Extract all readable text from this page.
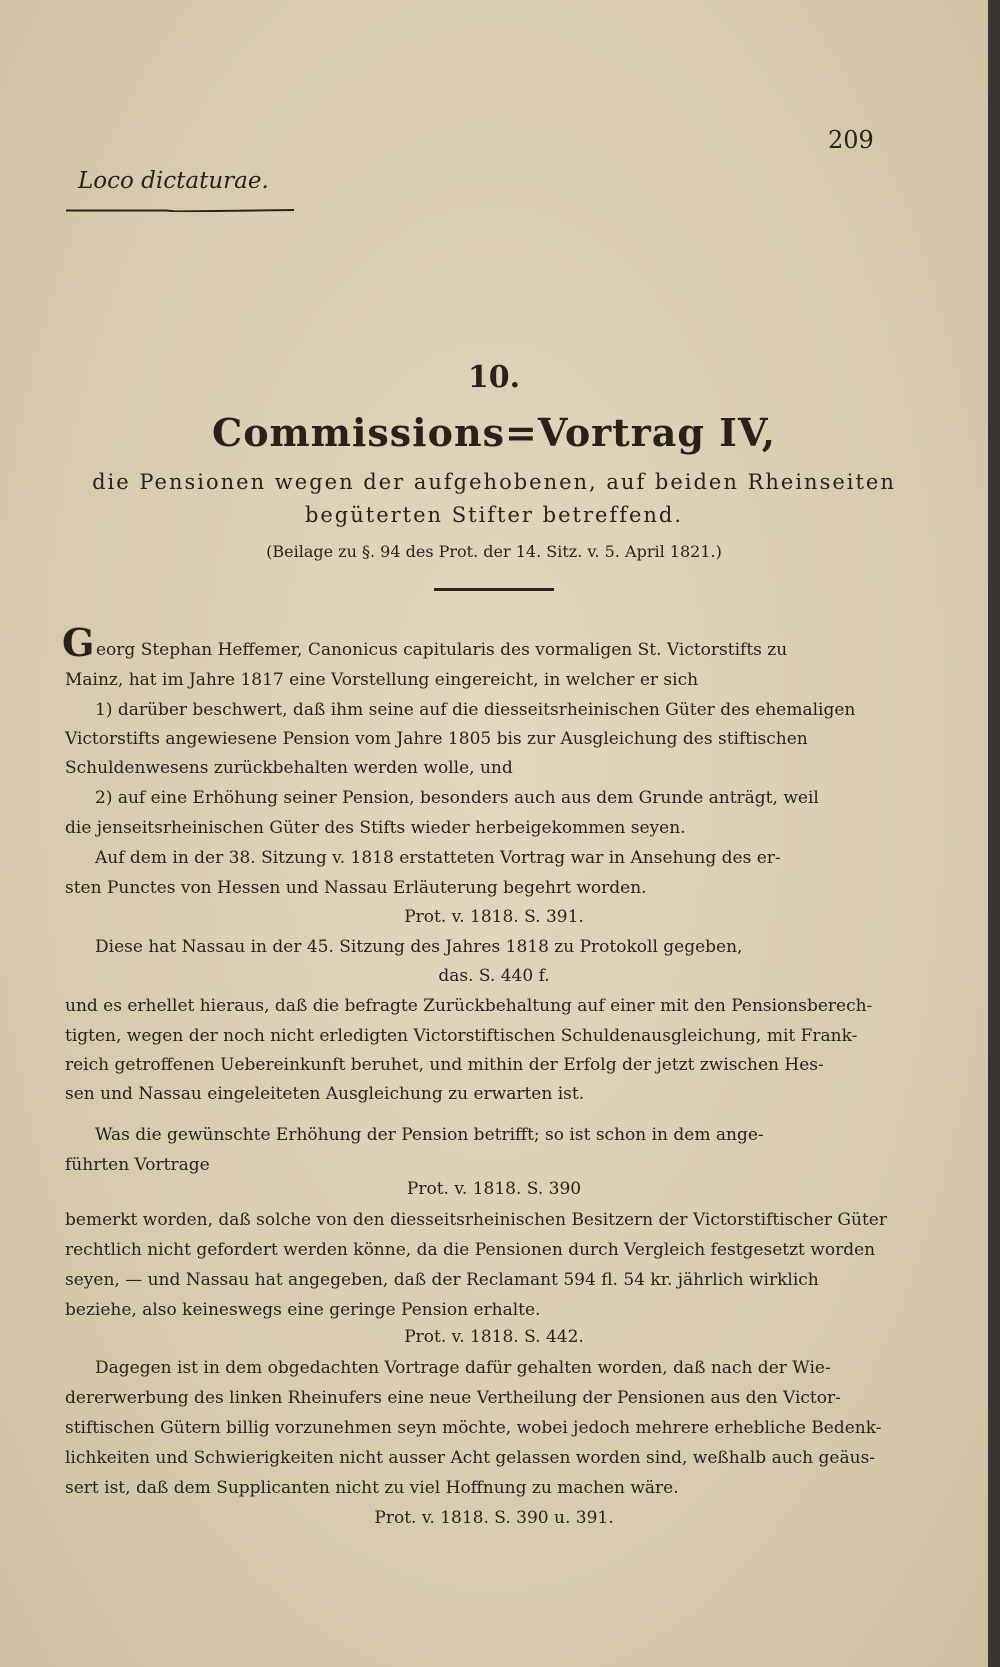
Loco dictaturae.
209
10.
Commissions=Vortrag IV,
die Pensionen wegen der aufgehobenen, auf beiden Rheinseiten
begüterten Stifter betreffend.
(Beilage zu §. 94 des Prot. der 14. Sitz. v. 5. April 1821.)
G eorg Stephan Heffemer, Canonicus capitularis des vormaligen St. Victorstifts zu
Mainz, hat im Jahre 1817 eine Vorstellung eingereicht, in welcher er sich
1) darüber beschwert, daß ihm seine auf die diesseitsrheinischen Güter des ehemaligen
Victorstifts angewiesene Pension vom Jahre 1805 bis zur Ausgleichung des stiftischen
Schuldenwesens zurückbehalten werden wolle, und
2) auf eine Erhöhung seiner Pension, besonders auch aus dem Grunde anträgt, weil
die jenseitsrheinischen Güter des Stifts wieder herbeigekommen seyen.
Auf dem in der 38. Sitzung v. 1818 erstatteten Vortrag war in Ansehung des er-
sten Punctes von Hessen und Nassau Erläuterung begehrt worden.
Prot. v. 1818. S. 391.
Diese hat Nassau in der 45. Sitzung des Jahres 1818 zu Protokoll gegeben,
das. S. 440 f.
und es erhellet hieraus, daß die befragte Zurückbehaltung auf einer mit den Pensionsberech-
tigten, wegen der noch nicht erledigten Victorstiftischen Schuldenausgleichung, mit Frank-
reich getroffenen Uebereinkunft beruhet, und mithin der Erfolg der jetzt zwischen Hes-
sen und Nassau eingeleiteten Ausgleichung zu erwarten ist.
Was die gewünschte Erhöhung der Pension betrifft; so ist schon in dem ange-
führten Vortrage
Prot. v. 1818. S. 390
bemerkt worden, daß solche von den diesseitsrheinischen Besitzern der Victorstiftischer Güter
rechtlich nicht gefordert werden könne, da die Pensionen durch Vergleich festgesetzt worden
seyen, — und Nassau hat angegeben, daß der Reclamant 594 fl. 54 kr. jährlich wirklich
beziehe, also keineswegs eine geringe Pension erhalte.
Prot. v. 1818. S. 442.
Dagegen ist in dem obgedachten Vortrage dafür gehalten worden, daß nach der Wie-
dererwerbung des linken Rheinufers eine neue Vertheilung der Pensionen aus den Victor-
stiftischen Gütern billig vorzunehmen seyn möchte, wobei jedoch mehrere erhebliche Bedenk-
lichkeiten und Schwierigkeiten nicht ausser Acht gelassen worden sind, weßhalb auch geäus-
sert ist, daß dem Supplicanten nicht zu viel Hoffnung zu machen wäre.
Prot. v. 1818. S. 390 u. 391.
